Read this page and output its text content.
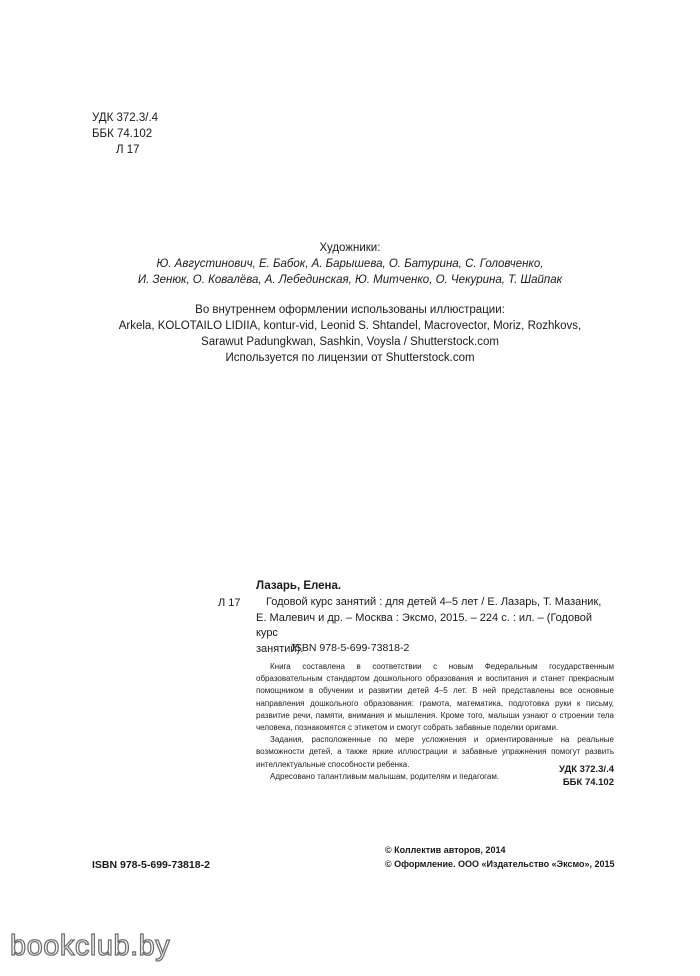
УДК 372.3/.4
ББК 74.102
Л 17
Художники:
Ю. Августинович, Е. Бабок, А. Барышева, О. Батурина, С. Головченко,
И. Зенюк, О. Ковалёва, А. Лебединская, Ю. Митченко, О. Чекурина, Т. Шайпак
Во внутреннем оформлении использованы иллюстрации:
Arkela, KOLOTAILO LIDIIA, kontur-vid, Leonid S. Shtandel, Macrovector, Moriz, Rozhkovs,
Sarawut Padungkwan, Sashkin, Voysla / Shutterstock.com
Используется по лицензии от Shutterstock.com
Лазарь, Елена.
Л 17	Годовой курс занятий : для детей 4–5 лет / Е. Лазарь, Т. Мазаник,
Е. Малевич и др. – Москва : Эксмо, 2015. – 224 с. : ил. – (Годовой курс
занятий).
ISBN 978-5-699-73818-2

Книга составлена в соответствии с новым Федеральным государственным образовательным стандартом дошкольного образования и воспитания и станет прекрасным помощником в обучении и развитии детей 4–5 лет. В ней представлены все основные направления дошкольного образования: грамота, математика, подготовка руки к письму, развитие речи, памяти, внимания и мышления. Кроме того, малыши узнают о строении тела человека, познакомятся с этикетом и смогут собрать забавные поделки оригами.

Задания, расположенные по мере усложнения и ориентированные на реальные возможности детей, а также яркие иллюстрации и забавные упражнения помогут развить интеллектуальные способности ребенка.

Адресовано талантливым малышам, родителям и педагогам.

УДК 372.3/.4
ББК 74.102
ISBN 978-5-699-73818-2
© Коллектив авторов, 2014
© Оформление. ООО «Издательство «Эксмо», 2015
bookclub.by
